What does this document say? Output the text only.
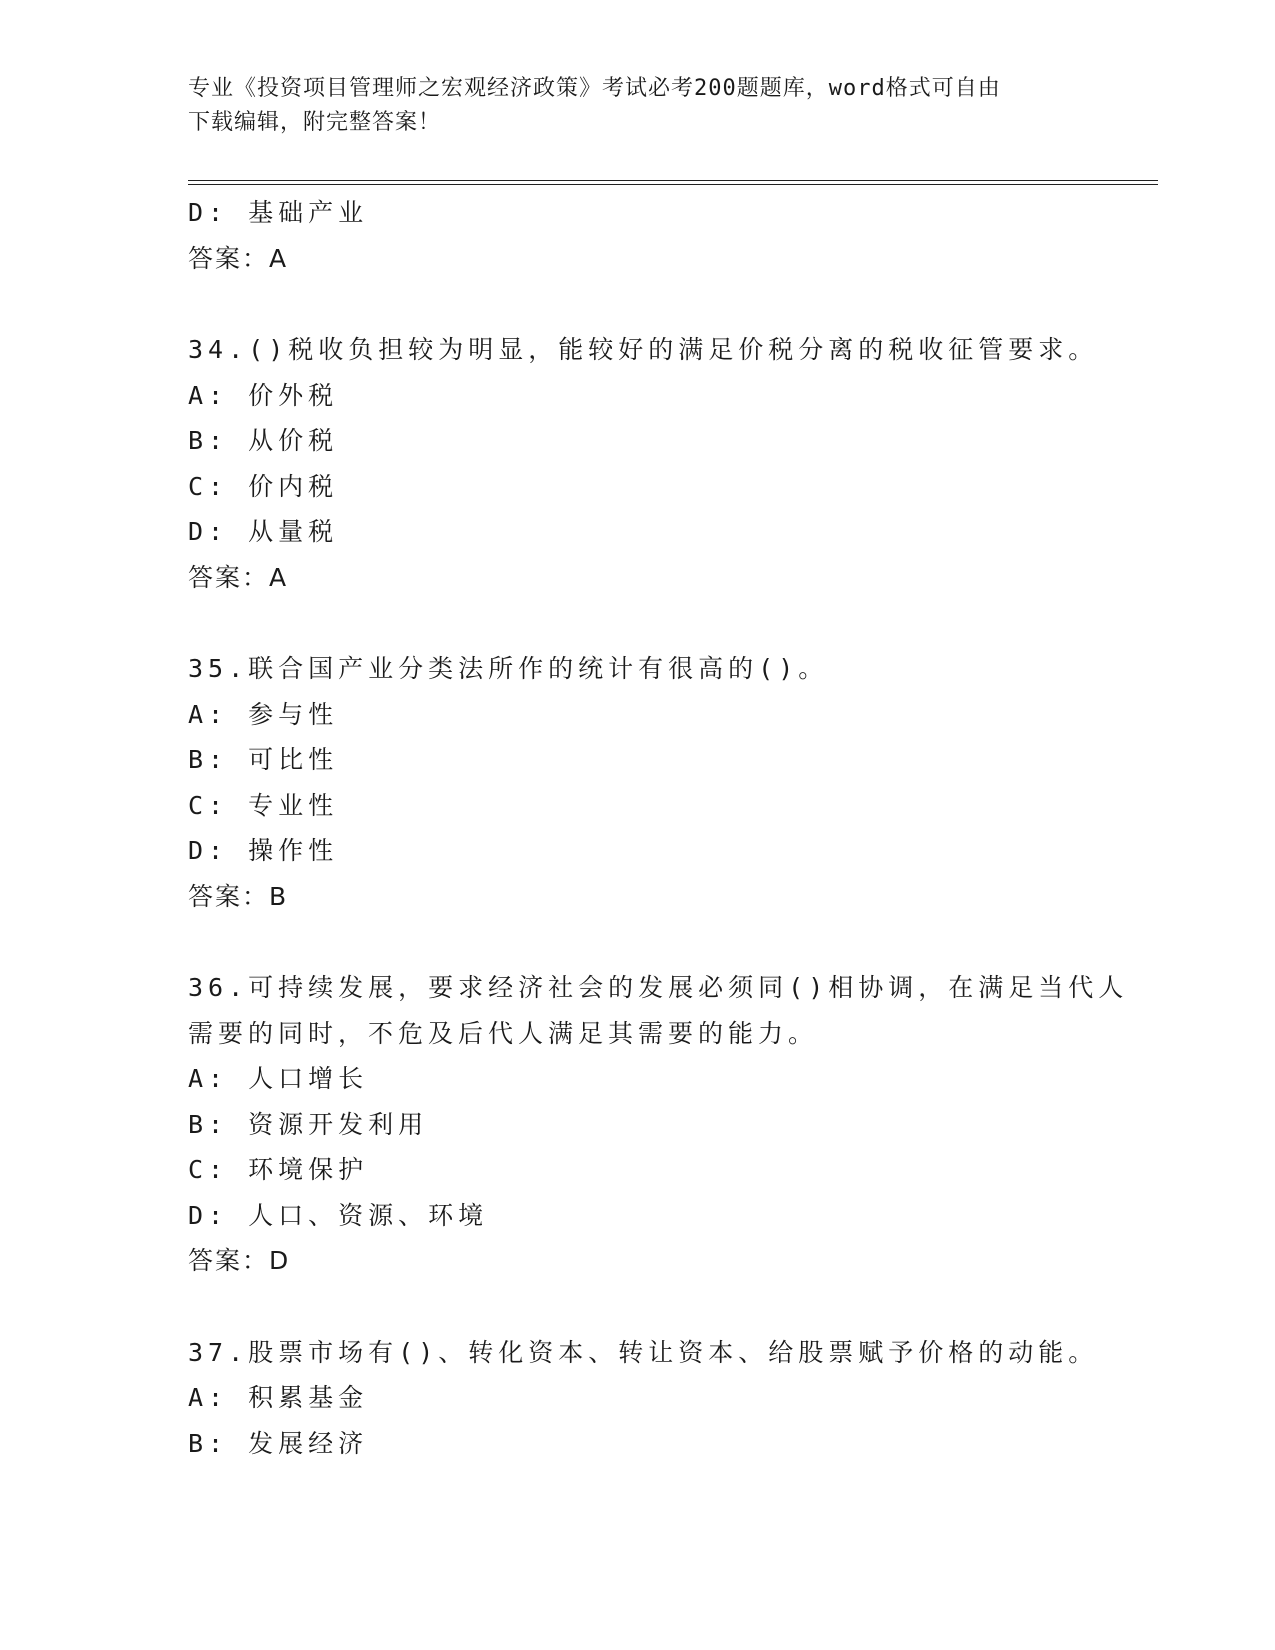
专业《投资项目管理师之宏观经济政策》考试必考200题题库，word格式可自由
下载编辑，附完整答案！
D: 基础产业
答案：A
34.()税收负担较为明显，能较好的满足价税分离的税收征管要求。
A: 价外税
B: 从价税
C: 价内税
D: 从量税
答案：A
35.联合国产业分类法所作的统计有很高的()。
A: 参与性
B: 可比性
C: 专业性
D: 操作性
答案：B
36.可持续发展，要求经济社会的发展必须同()相协调，在满足当代人
需要的同时，不危及后代人满足其需要的能力。
A: 人口增长
B: 资源开发利用
C: 环境保护
D: 人口、资源、环境
答案：D
37.股票市场有()、转化资本、转让资本、给股票赋予价格的动能。
A: 积累基金
B: 发展经济
